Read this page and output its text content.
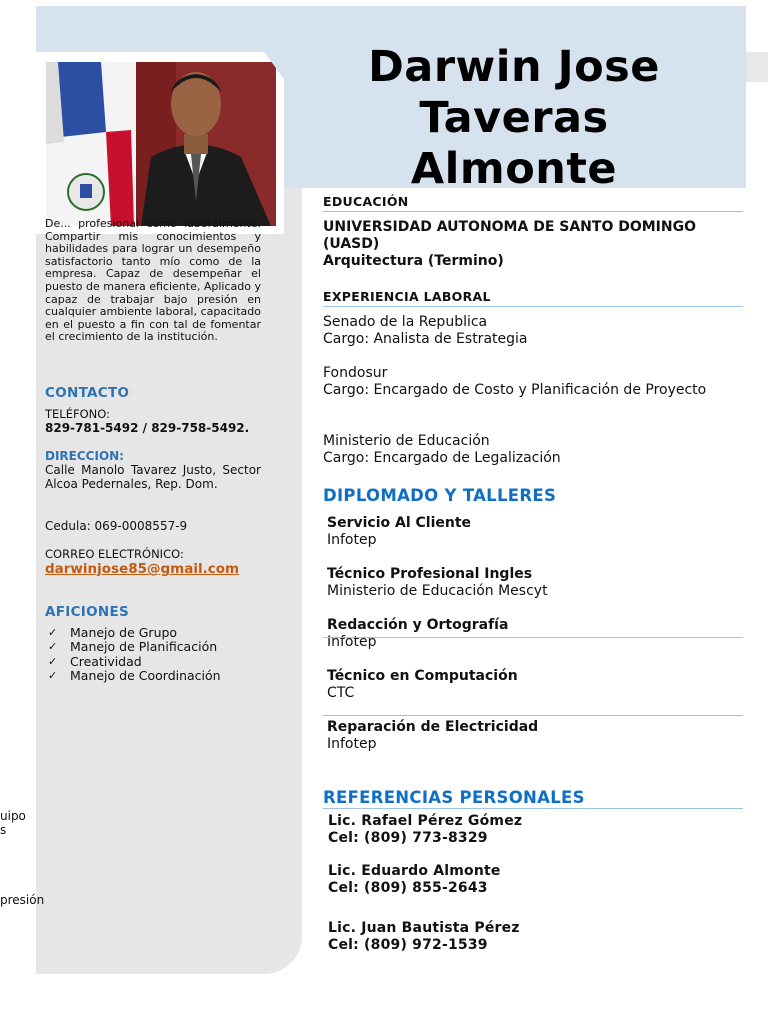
Darwin Jose
Taveras
Almonte
De... profesional como laboralmente. Compartir mis conocimientos y habilidades para lograr un desempeño satisfactorio tanto mío como de la empresa. Capaz de desempeñar el puesto de manera eficiente, Aplicado y capaz de trabajar bajo presión en cualquier ambiente laboral, capacitado en el puesto a fin con tal de fomentar el crecimiento de la institución.
CONTACTO
TELÉFONO:
829-781-5492 / 829-758-5492.
DIRECCION:
Calle Manolo Tavarez Justo, Sector Alcoa Pedernales, Rep. Dom.
Cedula: 069-0008557-9
CORREO ELECTRÓNICO:
darwinjose85@gmail.com
AFICIONES
✓	Manejo de Grupo
✓	Manejo de Planificación
✓	Creatividad
✓	Manejo de Coordinación
uipo
s
presión
EDUCACIÓN
UNIVERSIDAD AUTONOMA DE SANTO DOMINGO (UASD)
Arquitectura (Termino)
EXPERIENCIA LABORAL
Senado de la Republica
Cargo: Analista de Estrategia
Fondosur
Cargo: Encargado de Costo y Planificación de Proyecto
Ministerio de Educación
Cargo: Encargado de Legalización
DIPLOMADO Y TALLERES
Servicio Al Cliente
Infotep
Técnico Profesional Ingles
Ministerio de Educación Mescyt
Redacción y Ortografía
Infotep
Técnico en Computación
CTC
Reparación de Electricidad
Infotep
REFERENCIAS PERSONALES
Lic. Rafael Pérez Gómez
Cel: (809) 773-8329
Lic. Eduardo Almonte
Cel: (809) 855-2643
Lic. Juan Bautista Pérez
Cel: (809) 972-1539
